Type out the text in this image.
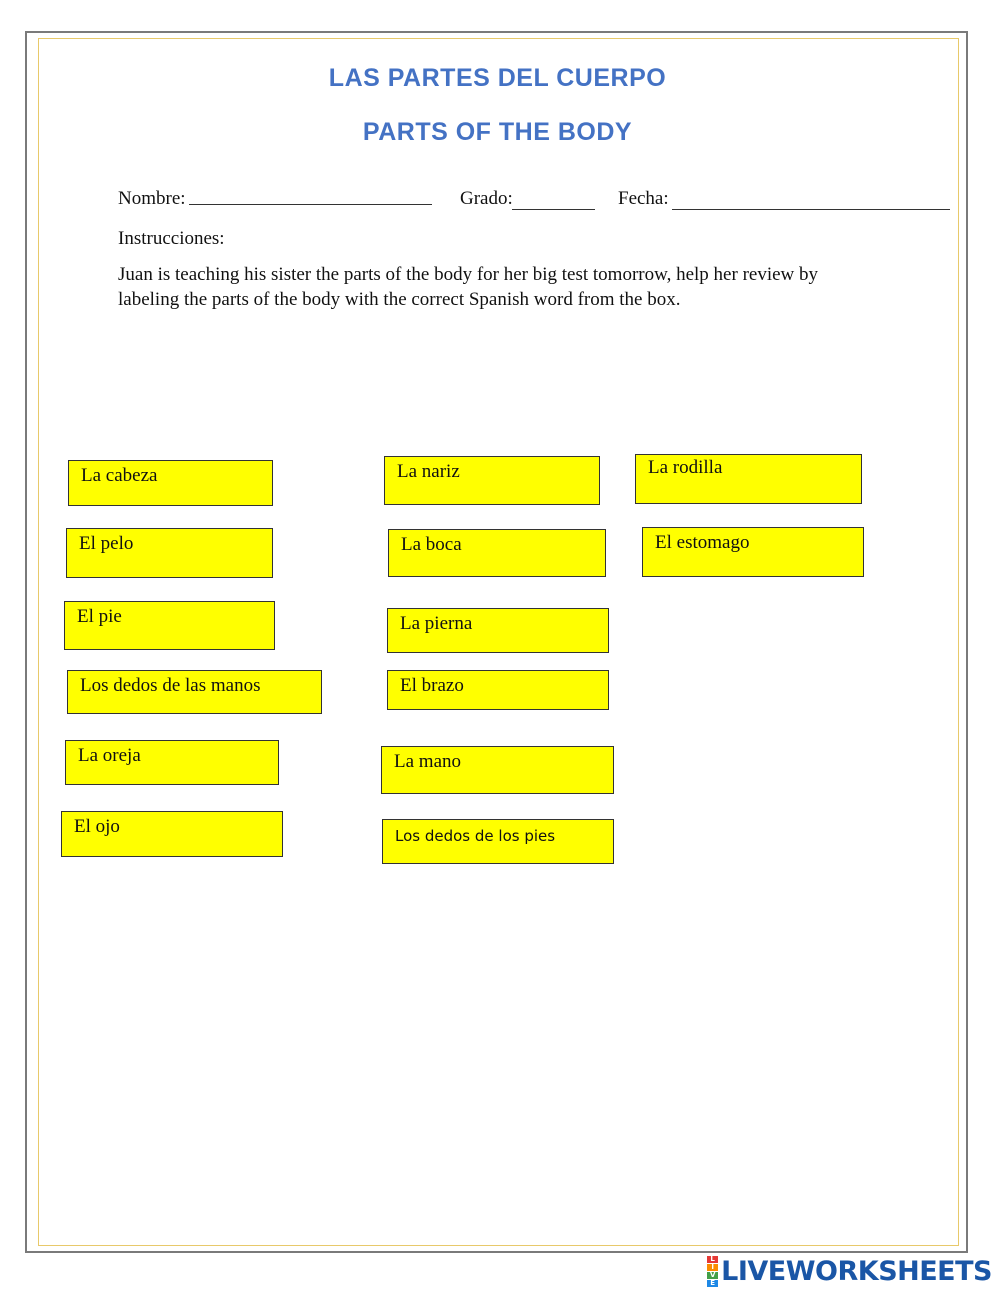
LAS PARTES DEL CUERPO
PARTS OF THE BODY
Nombre:	Grado:	Fecha:
Instrucciones:
Juan is teaching his sister the parts of the body for her big test tomorrow, help her review by
labeling the parts of the body with the correct Spanish word from the box.
La cabeza
El pelo
El pie
Los dedos de las manos
La oreja
El ojo
La nariz
La boca
La pierna
El brazo
La mano
Los dedos de los pies
La rodilla
El estomago
L
I
V
E LIVEWORKSHEETS
